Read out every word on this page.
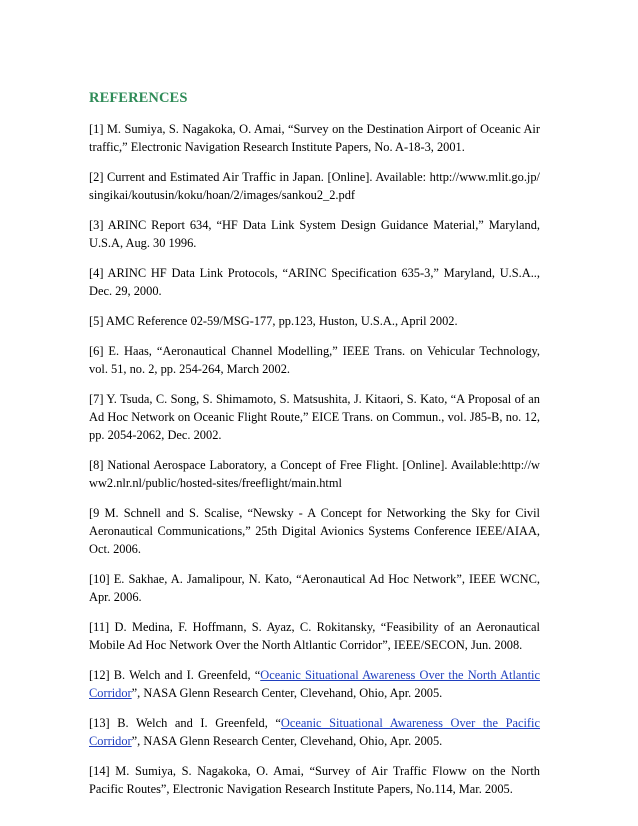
REFERENCES

[1] M. Sumiya, S. Nagakoka, O. Amai, “Survey on the Destination Airport of Oceanic Air traffic,” Electronic Navigation Research Institute Papers, No. A-18-3, 2001.

[2] Current and Estimated Air Traffic in Japan. [Online]. Available: http://www.mlit.go.jp/singikai/koutusin/koku/hoan/2/images/sankou2_2.pdf

[3] ARINC Report 634, “HF Data Link System Design Guidance Material,” Maryland, U.S.A, Aug. 30 1996.

[4] ARINC HF Data Link Protocols, “ARINC Specification 635-3,” Maryland, U.S.A.., Dec. 29, 2000.

[5] AMC Reference 02-59/MSG-177, pp.123, Huston, U.S.A., April 2002.

[6] E. Haas, “Aeronautical Channel Modelling,” IEEE Trans. on Vehicular Technology, vol. 51, no. 2, pp. 254-264, March 2002.

[7] Y. Tsuda, C. Song, S. Shimamoto, S. Matsushita, J. Kitaori, S. Kato, “A Proposal of an Ad Hoc Network on Oceanic Flight Route,” EICE Trans. on Commun., vol. J85-B, no. 12, pp. 2054-2062, Dec. 2002.

[8] National Aerospace Laboratory, a Concept of Free Flight. [Online]. Available:http://www2.nlr.nl/public/hosted-sites/freeflight/main.html

[9 M. Schnell and S. Scalise, “Newsky - A Concept for Networking the Sky for Civil Aeronautical Communications,” 25th Digital Avionics Systems Conference IEEE/AIAA, Oct. 2006.

[10] E. Sakhae, A. Jamalipour, N. Kato, “Aeronautical Ad Hoc Network”, IEEE WCNC, Apr. 2006.

[11] D. Medina, F. Hoffmann, S. Ayaz, C. Rokitansky, “Feasibility of an Aeronautical Mobile Ad Hoc Network Over the North Altlantic Corridor”, IEEE/SECON, Jun. 2008.

[12] B. Welch and I. Greenfeld, “Oceanic Situational Awareness Over the North Atlantic Corridor”, NASA Glenn Research Center, Clevehand, Ohio, Apr. 2005.

[13] B. Welch and I. Greenfeld, “Oceanic Situational Awareness Over the Pacific Corridor”, NASA Glenn Research Center, Clevehand, Ohio, Apr. 2005.

[14] M. Sumiya, S. Nagakoka, O. Amai, “Survey of Air Traffic Floww on the North Pacific Routes”, Electronic Navigation Research Institute Papers, No.114, Mar. 2005.
